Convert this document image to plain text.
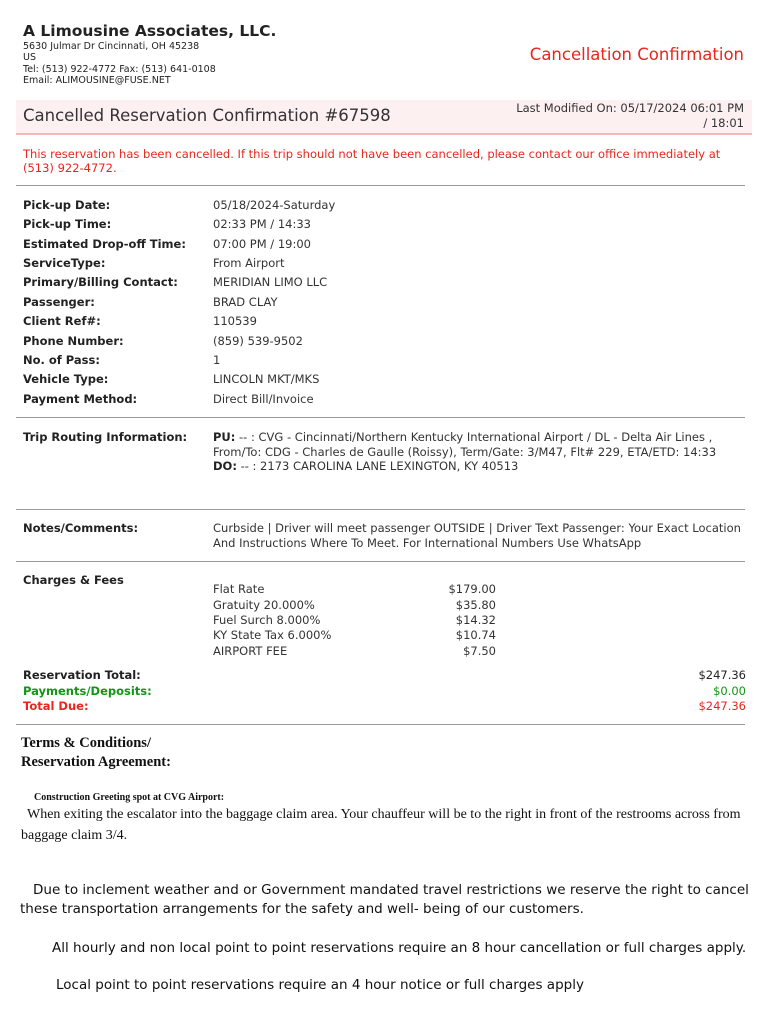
A Limousine Associates, LLC.
5630 Julmar Dr Cincinnati, OH 45238
US
Tel: (513) 922-4772 Fax: (513) 641-0108
Email: ALIMOUSINE@FUSE.NET
Cancellation Confirmation
Cancelled Reservation Confirmation #67598	Last Modified On: 05/17/2024 06:01 PM
/ 18:01
This reservation has been cancelled. If this trip should not have been cancelled, please contact our office immediately at (513) 922-4772.
Pick-up Date:	05/18/2024-Saturday
Pick-up Time:	02:33 PM / 14:33
Estimated Drop-off Time: 07:00 PM / 19:00
ServiceType:	From Airport
Primary/Billing Contact:	MERIDIAN LIMO LLC
Passenger:	BRAD CLAY
Client Ref#:	110539
Phone Number:	(859) 539-9502
No. of Pass:	1
Vehicle Type:	LINCOLN MKT/MKS
Payment Method:	Direct Bill/Invoice
Trip Routing Information: PU: -- : CVG - Cincinnati/Northern Kentucky International Airport / DL - Delta Air Lines ,
From/To: CDG - Charles de Gaulle (Roissy), Term/Gate: 3/M47, Flt# 229, ETA/ETD: 14:33
DO: -- : 2173 CAROLINA LANE LEXINGTON, KY 40513
Notes/Comments:	Curbside | Driver will meet passenger OUTSIDE | Driver Text Passenger: Your Exact Location And Instructions Where To Meet. For International Numbers Use WhatsApp
Charges & Fees
Flat Rate	$179.00
Gratuity 20.000%	$35.80
Fuel Surch 8.000%	$14.32
KY State Tax 6.000%	$10.74
AIRPORT FEE	$7.50
Reservation Total:	$247.36
Payments/Deposits:	$0.00
Total Due:	$247.36
Terms & Conditions/
Reservation Agreement:
Construction Greeting spot at CVG Airport:
When exiting the escalator into the baggage claim area. Your chauffeur will be to the right in front of the restrooms across from baggage claim 3/4.
Due to inclement weather and or Government mandated travel restrictions we reserve the right to cancel these transportation arrangements for the safety and well- being of our customers.
All hourly and non local point to point reservations require an 8 hour cancellation or full charges apply.
Local point to point reservations require an 4 hour notice or full charges apply
